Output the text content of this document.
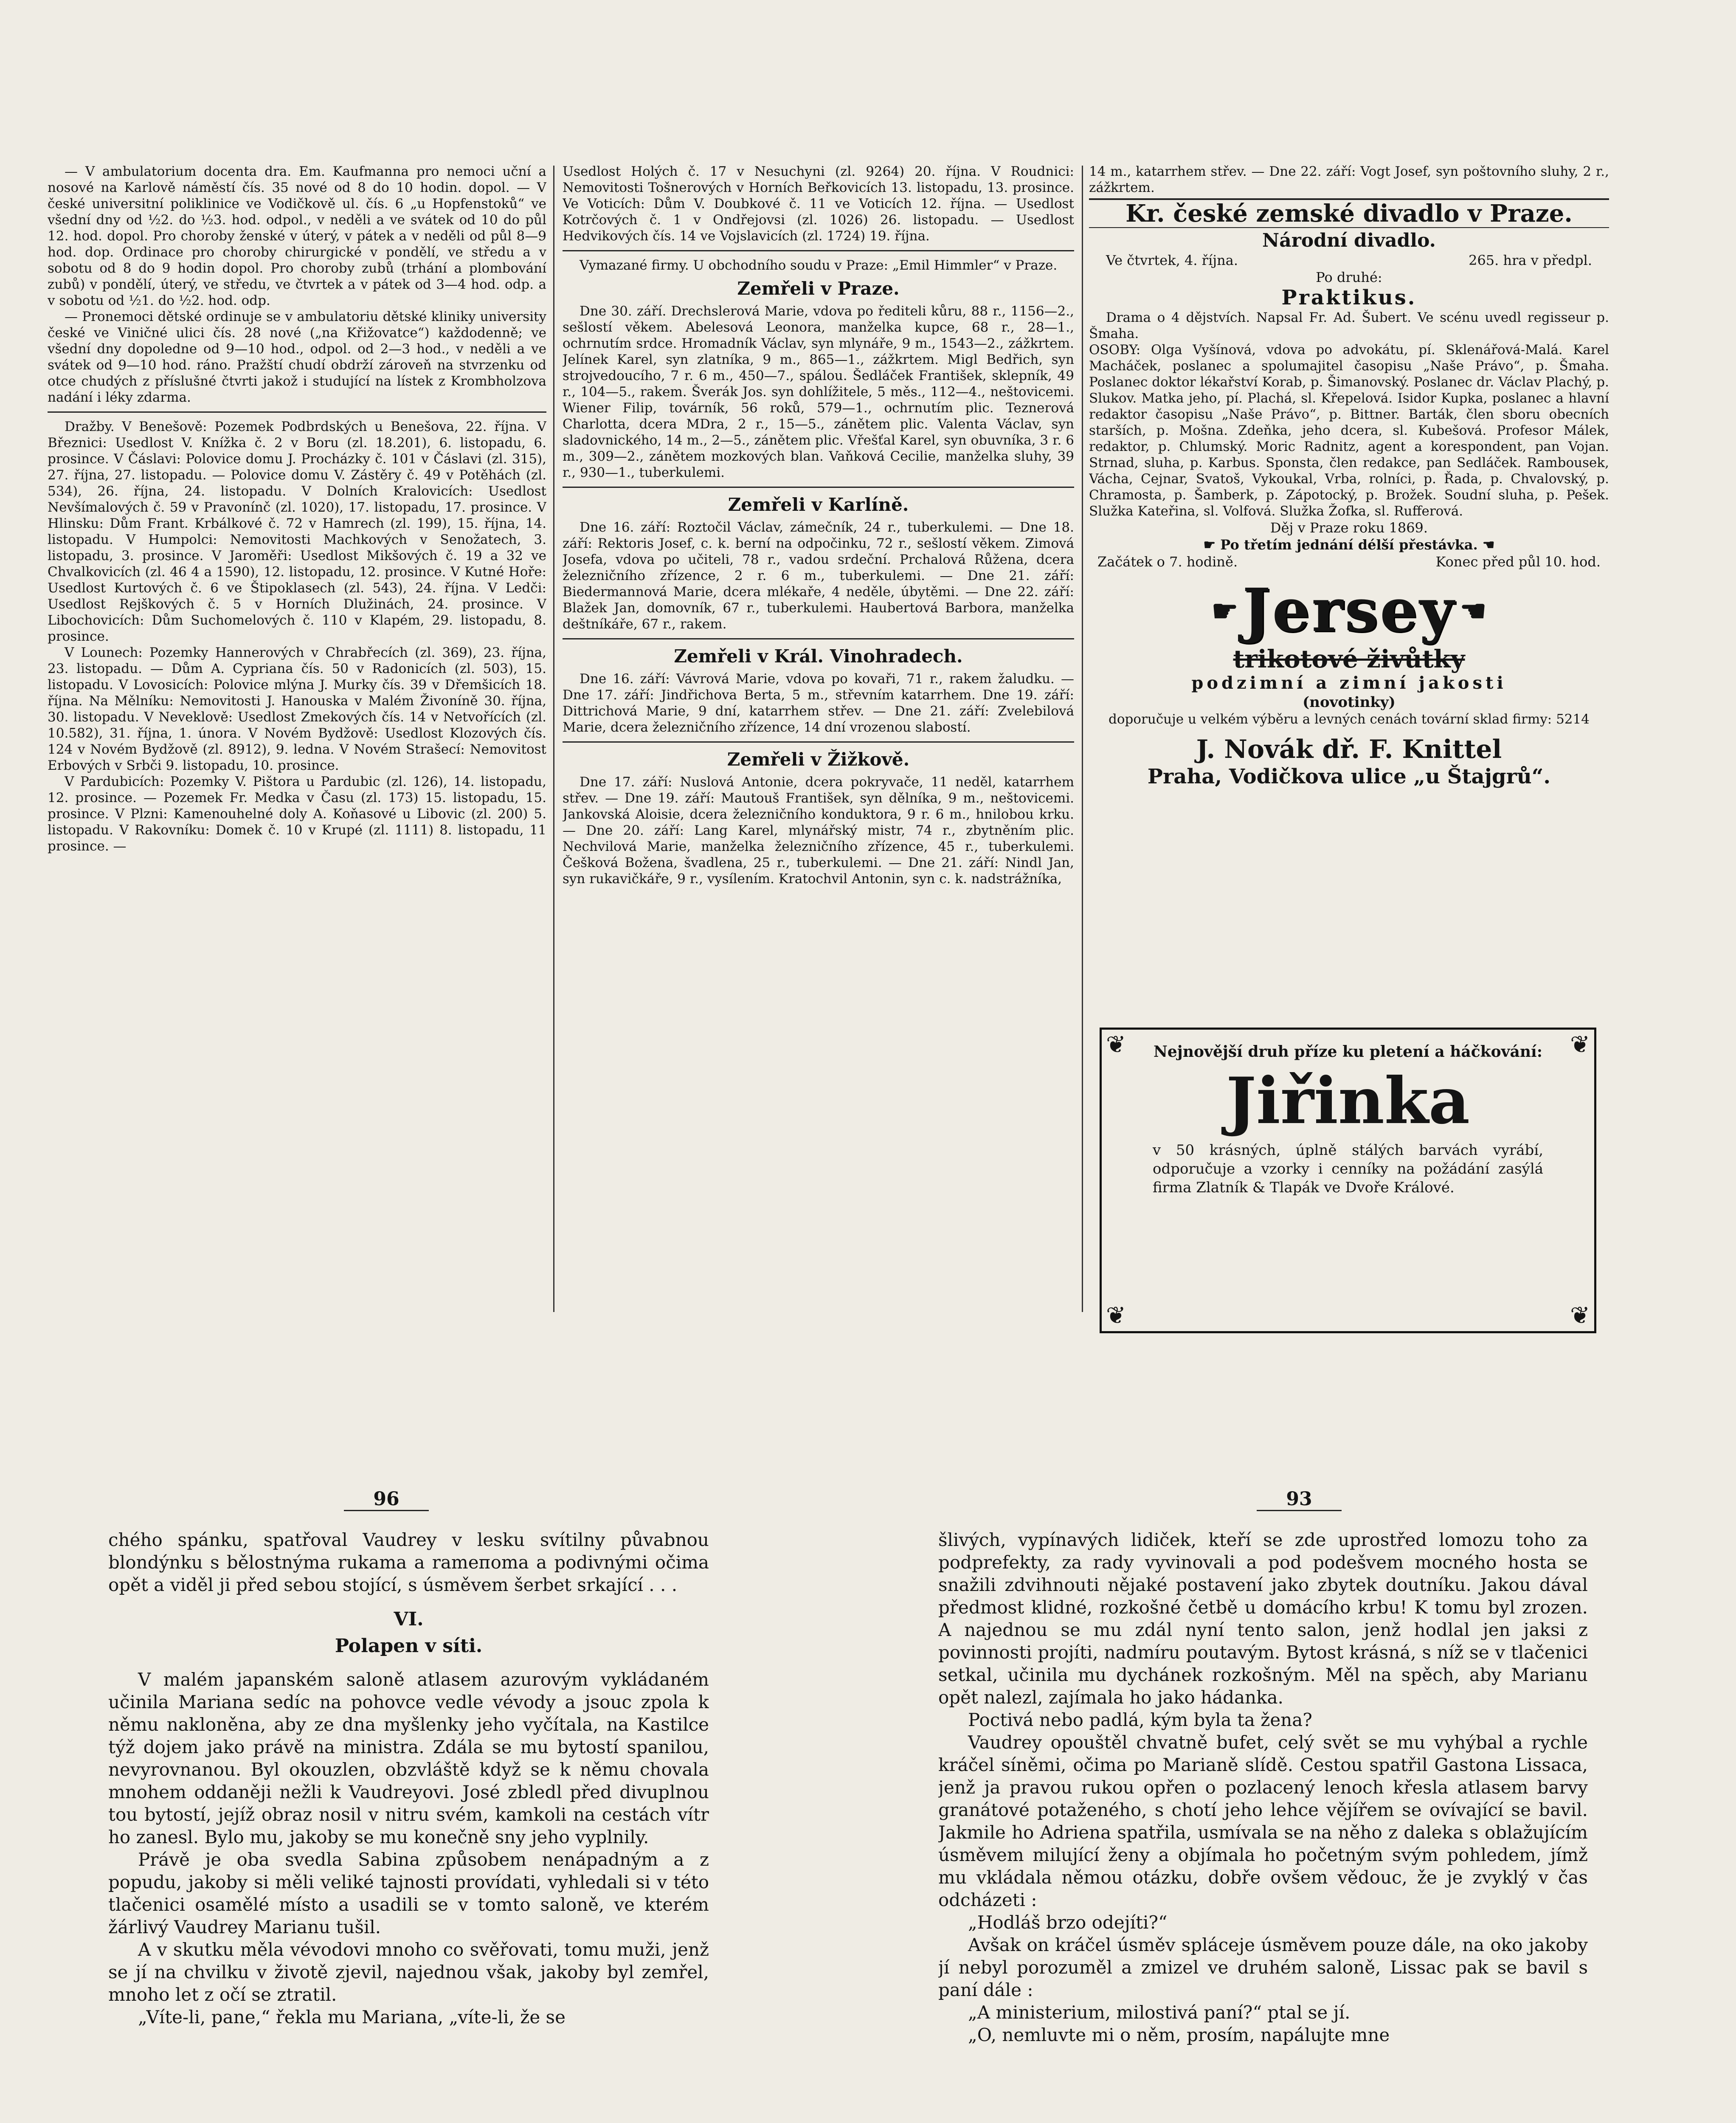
— V ambulatorium docenta dra. Em. Kaufmanna pro nemoci uční a nosové na Karlově náměstí čís. 35 nové od 8 do 10 hodin. dopol. — V české universitní poliklinice ve Vodičkově ul. čís. 6 „u Hopfenstoků“ ve všední dny od ½2. do ½3. hod. odpol., v neděli a ve svátek od 10 do půl 12. hod. dopol. Pro choroby ženské v úterý, v pátek a v neděli od půl 8—9 hod. dop. Ordinace pro choroby chirurgické v pondělí, ve středu a v sobotu od 8 do 9 hodin dopol. Pro choroby zubů (trhání a plombování zubů) v pondělí, úterý, ve středu, ve čtvrtek a v pátek od 3—4 hod. odp. a v sobotu od ½1. do ½2. hod. odp.

— Pronemoci dětské ordinuje se v ambulatoriu dětské kliniky university české ve Viničné ulici čís. 28 nové („na Křižovatce“) každodenně; ve všední dny dopoledne od 9—10 hod., odpol. od 2—3 hod., v neděli a ve svátek od 9—10 hod. ráno. Pražští chudí obdrží zároveň na stvrzenku od otce chudých z příslušné čtvrti jakož i studující na lístek z Krombholzova nadání i léky zdarma.

Dražby. V Benešově: Pozemek Podbrdských u Benešova, 22. října. V Březnici: Usedlost V. Knížka č. 2 v Boru (zl. 18.201), 6. listopadu, 6. prosince. V Čáslavi: Polovice domu J. Procházky č. 101 v Čáslavi (zl. 315), 27. října, 27. listopadu. — Polovice domu V. Zástěry č. 49 v Potěhách (zl. 534), 26. října, 24. listopadu. V Dolních Kralovicích: Usedlost Nevšímalových č. 59 v Pravonínč (zl. 1020), 17. listopadu, 17. prosince. V Hlinsku: Dům Frant. Krbálkové č. 72 v Hamrech (zl. 199), 15. října, 14. listopadu. V Humpolci: Nemovitosti Machkových v Senožatech, 3. listopadu, 3. prosince. V Jaroměři: Usedlost Mikšových č. 19 a 32 ve Chvalkovicích (zl. 46 4 a 1590), 12. listopadu, 12. prosince. V Kutné Hoře: Usedlost Kurtových č. 6 ve Štipoklasech (zl. 543), 24. října. V Ledči: Usedlost Rejškových č. 5 v Horních Dlužinách, 24. prosince. V Libochovicích: Dům Suchomelových č. 110 v Klapém, 29. listopadu, 8. prosince.

V Lounech: Pozemky Hannerových v Chrabřecích (zl. 369), 23. října, 23. listopadu. — Dům A. Cypriana čís. 50 v Radonicích (zl. 503), 15. listopadu. V Lovosicích: Polovice mlýna J. Murky čís. 39 v Dřemšicích 18. října. Na Mělníku: Nemovitosti J. Hanouska v Malém Živoníně 30. října, 30. listopadu. V Neveklově: Usedlost Zmekových čís. 14 v Netvořících (zl. 10.582), 31. října, 1. února. V Novém Bydžově: Usedlost Klozových čís. 124 v Novém Bydžově (zl. 8912), 9. ledna. V Novém Strašecí: Nemovitost Erbových v Srbči 9. listopadu, 10. prosince.

V Pardubicích: Pozemky V. Pištora u Pardubic (zl. 126), 14. listopadu, 12. prosince. — Pozemek Fr. Medka v Času (zl. 173) 15. listopadu, 15. prosince. V Plzni: Kamenouhelné doly A. Koňasové u Libovic (zl. 200) 5. listopadu. V Rakovníku: Domek č. 10 v Krupé (zl. 1111) 8. listopadu, 11 prosince. —

Usedlost Holých č. 17 v Nesuchyni (zl. 9264) 20. října. V Roudnici: Nemovitosti Tošnerových v Horních Beřkovicích 13. listopadu, 13. prosince. Ve Voticích: Dům V. Doubkové č. 11 ve Voticích 12. října. — Usedlost Kotrčových č. 1 v Ondřejovsi (zl. 1026) 26. listopadu. — Usedlost Hedvikových čís. 14 ve Vojslavicích (zl. 1724) 19. října.

Vymazané firmy. U obchodního soudu v Praze: „Emil Himmler“ v Praze.

Zemřeli v Praze.

Dne 30. září. Drechslerová Marie, vdova po řediteli kůru, 88 r., 1156—2., sešlostí věkem. Abelesová Leonora, manželka kupce, 68 r., 28—1., ochrnutím srdce. Hromadník Václav, syn mlynáře, 9 m., 1543—2., zážkrtem. Jelínek Karel, syn zlatníka, 9 m., 865—1., zážkrtem. Migl Bedřich, syn strojvedoucího, 7 r. 6 m., 450—7., spálou. Šedláček František, sklepník, 49 r., 104—5., rakem. Šverák Jos. syn dohlížitele, 5 měs., 112—4., neštovicemi. Wiener Filip, továrník, 56 roků, 579—1., ochrnutím plic. Teznerová Charlotta, dcera MDra, 2 r., 15—5., zánětem plic. Valenta Václav, syn sladovnického, 14 m., 2—5., zánětem plic. Vřešťal Karel, syn obuvníka, 3 r. 6 m., 309—2., zánětem mozkových blan. Vaňková Cecilie, manželka sluhy, 39 r., 930—1., tuberkulemi.

Zemřeli v Karlíně.

Dne 16. září: Roztočil Václav, zámečník, 24 r., tuberkulemi. — Dne 18. září: Rektoris Josef, c. k. berní na odpočinku, 72 r., sešlostí věkem. Zimová Josefa, vdova po učiteli, 78 r., vadou srdeční. Prchalová Růžena, dcera železničního zřízence, 2 r. 6 m., tuberkulemi. — Dne 21. září: Biedermannová Marie, dcera mlékaře, 4 neděle, úbytěmi. — Dne 22. září: Blažek Jan, domovník, 67 r., tuberkulemi. Haubertová Barbora, manželka deštníkáře, 67 r., rakem.

Zemřeli v Král. Vinohradech.

Dne 16. září: Vávrová Marie, vdova po kovaři, 71 r., rakem žaludku. — Dne 17. září: Jindřichova Berta, 5 m., střevním katarrhem. Dne 19. září: Dittrichová Marie, 9 dní, katarrhem střev. — Dne 21. září: Zvelebilová Marie, dcera železničního zřízence, 14 dní vrozenou slabostí.

Zemřeli v Žižkově.

Dne 17. září: Nuslová Antonie, dcera pokryvače, 11 neděl, katarrhem střev. — Dne 19. září: Mautouš František, syn dělníka, 9 m., neštovicemi. Jankovská Aloisie, dcera železničního konduktora, 9 r. 6 m., hnilobou krku. — Dne 20. září: Lang Karel, mlynářský mistr, 74 r., zbytněním plic. Nechvilová Marie, manželka železničního zřízence, 45 r., tuberkulemi. Češková Božena, švadlena, 25 r., tuberkulemi. — Dne 21. září: Nindl Jan, syn rukavičkáře, 9 r., vysílením. Kratochvil Antonin, syn c. k. nadstrážníka,

14 m., katarrhem střev. — Dne 22. září: Vogt Josef, syn poštovního sluhy, 2 r., zážkrtem.

Kr. české zemské divadlo v Praze.
Národní divadlo.
Ve čtvrtek, 4. října.	265. hra v předpl.
Po druhé:
Praktikus.

Drama o 4 dějstvích. Napsal Fr. Ad. Šubert. Ve scénu uvedl regisseur p. Šmaha.

OSOBY: Olga Vyšínová, vdova po advokátu, pí. Sklenářová-Malá. Karel Macháček, poslanec a spolumajitel časopisu „Naše Právo“, p. Šmaha. Poslanec doktor lékařství Korab, p. Šimanovský. Poslanec dr. Václav Plachý, p. Slukov. Matka jeho, pí. Plachá, sl. Křepelová. Isidor Kupka, poslanec a hlavní redaktor časopisu „Naše Právo“, p. Bittner. Barták, člen sboru obecních starších, p. Mošna. Zdeňka, jeho dcera, sl. Kubešová. Profesor Málek, redaktor, p. Chlumský. Moric Radnitz, agent a korespondent, pan Vojan. Strnad, sluha, p. Karbus. Sponsta, člen redakce, pan Sedláček. Rambousek, Vácha, Cejnar, Svatoš, Vykoukal, Vrba, rolníci, p. Řada, p. Chvalovský, p. Chramosta, p. Šamberk, p. Zápotocký, p. Brožek. Soudní sluha, p. Pešek. Služka Kateřina, sl. Volfová. Služka Žofka, sl. Rufferová.

Děj v Praze roku 1869.
☛ Po třetím jednání délší přestávka. ☚
Začátek o 7. hodině.	Konec před půl 10. hod.
☛ Jersey ☚
trikotové živůtky
podzimní a zimní jakosti
(novotinky)

doporučuje u velkém výběru a levných cenách tovární sklad firmy: 5214

J. Novák dř. F. Knittel
Praha, Vodičkova ulice „u Štajgrů“.
❦	❦
❦	❦
Nejnovější druh příze ku pletení a háčkování:
Jiřinka

v 50 krásných, úplně stálých barvách vyrábí, odporučuje a vzorky i cenníky na požádání zasýlá firma Zlatník & Tlapák ve Dvoře Králové.

96

chého spánku, spatřoval Vaudrey v lesku svítilny půvabnou blondýnku s bělostnýma rukama a rameпoma a podivnými očima opět a viděl ji před sebou stojící, s úsměvem šerbet srkající . . .

VI.
Polapen v síti.

V malém japanském saloně atlasem azurovým vykládaném učinila Mariana sedíc na pohovce vedle vévody a jsouc zpola k němu nakloněna, aby ze dna myšlenky jeho vyčítala, na Kastilce týž dojem jako právě na ministra. Zdála se mu bytostí spanilou, nevyrovnanou. Byl okouzlen, obzvláště když se k němu chovala mnohem oddaněji nežli k Vaudreyovi. José zbledl před divuplnou tou bytostí, jejíž obraz nosil v nitru svém, kamkoli na cestách vítr ho zanesl. Bylo mu, jakoby se mu konečně sny jeho vyplnily.

Právě je oba svedla Sabina způsobem nenápadným a z popudu, jakoby si měli veliké tajnosti provídati, vyhledali si v této tlačenici osamělé místo a usadili se v tomto saloně, ve kterém žárlivý Vaudrey Marianu tušil.

A v skutku měla vévodovi mnoho co svěřovati, tomu muži, jenž se jí na chvilku v životě zjevil, najednou však, jakoby byl zemřel, mnoho let z očí se ztratil.

„Víte-li, pane,“ řekla mu Mariana, „víte-li, že se

93

šlivých, vypínavých lidiček, kteří se zde uprostřed lomozu toho za podprefekty, za rady vyvinovali a pod podešvem mocného hosta se snažili zdvihnouti nějaké postavení jako zbytek doutníku. Jakou dával předmost klidné, rozkošné četbě u domácího krbu! K tomu byl zrozen. A najednou se mu zdál nyní tento salon, jenž hodlal jen jaksi z povinnosti projíti, nadmíru poutavým. Bytost krásná, s níž se v tlačenici setkal, učinila mu dychánek rozkošným. Měl na spěch, aby Marianu opět nalezl, zajímala ho jako hádanka.

Poctivá nebo padlá, kým byla ta žena?

Vaudrey opouštěl chvatně bufet, celý svět se mu vyhýbal a rychle kráčel síněmi, očima po Marianě slídě. Cestou spatřil Gastona Lissaca, jenž ja pravou rukou opřen o pozlacený lenoch křesla atlasem barvy granátové potaženého, s chotí jeho lehce vějířem se ovívající se bavil. Jakmile ho Adriena spatřila, usmívala se na něho z daleka s oblažujícím úsměvem milující ženy a objímala ho početným svým pohledem, jímž mu vkládala němou otázku, dobře ovšem vědouc, že je zvyklý v čas odcházeti :

„Hodláš brzo odejíti?“

Avšak on kráčel úsměv spláceje úsměvem pouze dále, na oko jakoby jí nebyl porozuměl a zmizel ve druhém saloně, Lissac pak se bavil s paní dále :

„A ministerium, milostivá paní?“ ptal se jí.

„O, nemluvte mi o něm, prosím, napálujte mne
